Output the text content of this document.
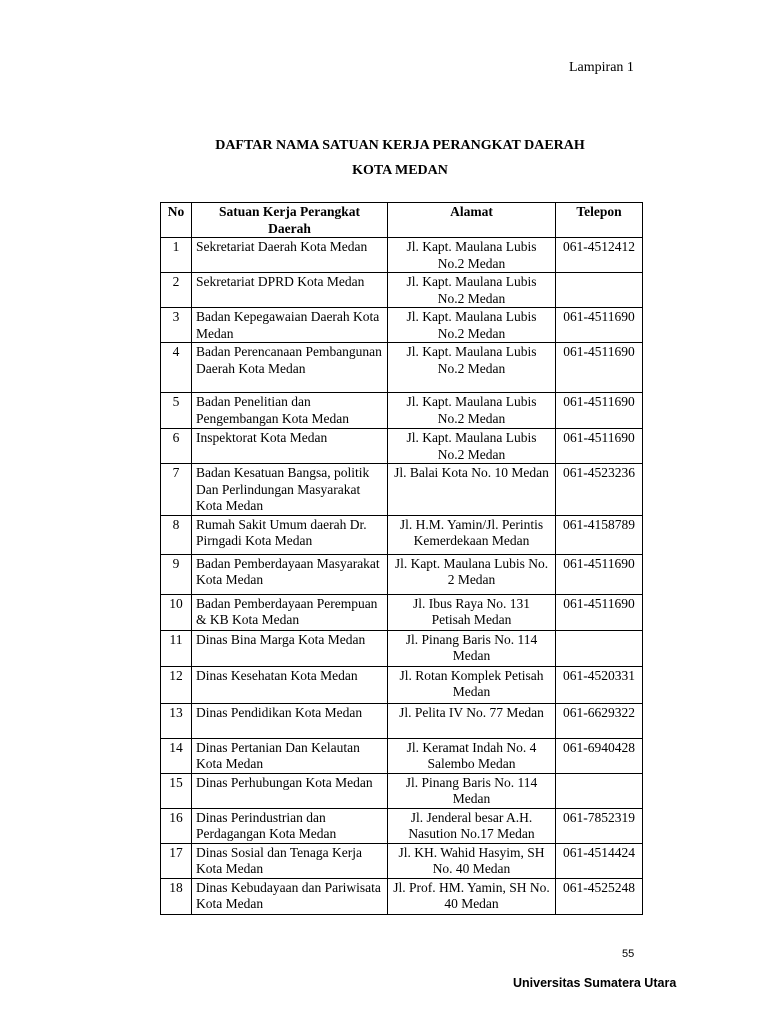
Lampiran 1
DAFTAR NAMA SATUAN KERJA PERANGKAT DAERAH
KOTA MEDAN
No	Satuan Kerja Perangkat Daerah	Alamat	Telepon
1	Sekretariat Daerah Kota Medan	Jl. Kapt. Maulana Lubis No.2 Medan	061-4512412
2	Sekretariat DPRD Kota Medan	Jl. Kapt. Maulana Lubis No.2 Medan	
3	Badan Kepegawaian Daerah Kota Medan	Jl. Kapt. Maulana Lubis No.2 Medan	061-4511690
4	Badan Perencanaan Pembangunan Daerah Kota Medan	Jl. Kapt. Maulana Lubis No.2 Medan	061-4511690
5	Badan Penelitian dan Pengembangan Kota Medan	Jl. Kapt. Maulana Lubis No.2 Medan	061-4511690
6	Inspektorat Kota Medan	Jl. Kapt. Maulana Lubis No.2 Medan	061-4511690
7	Badan Kesatuan Bangsa, politik Dan Perlindungan Masyarakat Kota Medan	Jl. Balai Kota No. 10 Medan	061-4523236
8	Rumah Sakit Umum daerah Dr. Pirngadi Kota Medan	Jl. H.M. Yamin/Jl. Perintis Kemerdekaan Medan	061-4158789
9	Badan Pemberdayaan Masyarakat Kota Medan	Jl. Kapt. Maulana Lubis No. 2 Medan	061-4511690
10	Badan Pemberdayaan Perempuan & KB Kota Medan	Jl. Ibus Raya No. 131 Petisah Medan	061-4511690
11	Dinas Bina Marga Kota Medan	Jl. Pinang Baris No. 114 Medan	
12	Dinas Kesehatan Kota Medan	Jl. Rotan Komplek Petisah Medan	061-4520331
13	Dinas Pendidikan Kota Medan	Jl. Pelita IV No. 77 Medan	061-6629322
14	Dinas Pertanian Dan Kelautan Kota Medan	Jl. Keramat Indah No. 4 Salembo Medan	061-6940428
15	Dinas Perhubungan Kota Medan	Jl. Pinang Baris No. 114 Medan	
16	Dinas Perindustrian dan Perdagangan Kota Medan	Jl. Jenderal besar A.H. Nasution No.17 Medan	061-7852319
17	Dinas Sosial dan Tenaga Kerja Kota Medan	Jl. KH. Wahid Hasyim, SH No. 40 Medan	061-4514424
18	Dinas Kebudayaan dan Pariwisata Kota Medan	Jl. Prof. HM. Yamin, SH No. 40 Medan	061-4525248
55
Universitas Sumatera Utara
